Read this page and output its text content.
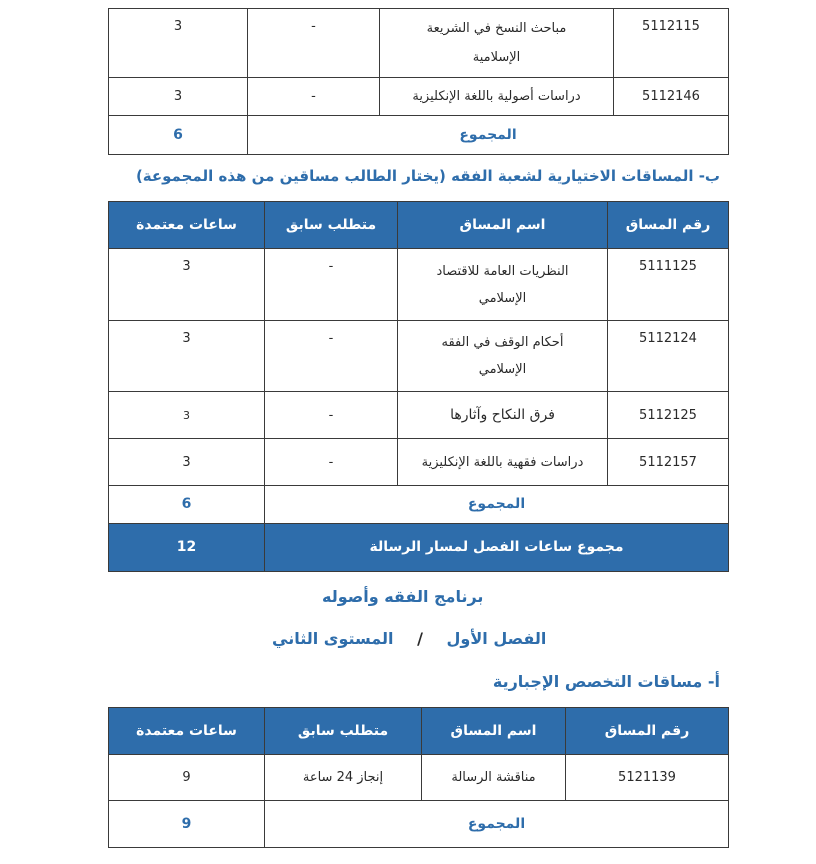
5112115	مباحث النسخ في الشريعة الإسلامية	-	3
5112146	دراسات أصولية باللغة الإنكليزية	-	3
المجموع			6
ب- المساقات الاختيارية لشعبة الفقه (يختار الطالب مساقين من هذه المجموعة)
رقم المساق	اسم المساق	متطلب سابق	ساعات معتمدة
5111125	النظريات العامة للاقتصاد الإسلامي	-	3
5112124	أحكام الوقف في الفقه الإسلامي	-	3
5112125	فرق النكاح وآثارها	-	3
5112157	دراسات فقهية باللغة الإنكليزية	-	3
المجموع			6
مجموع ساعات الفصل لمسار الرسالة			12
برنامج الفقه وأصوله
الفصل الأول / المستوى الثاني
أ- مساقات التخصص الإجبارية
رقم المساق	اسم المساق	متطلب سابق	ساعات معتمدة
5121139	مناقشة الرسالة	إنجاز 24 ساعة	9
المجموع			9
